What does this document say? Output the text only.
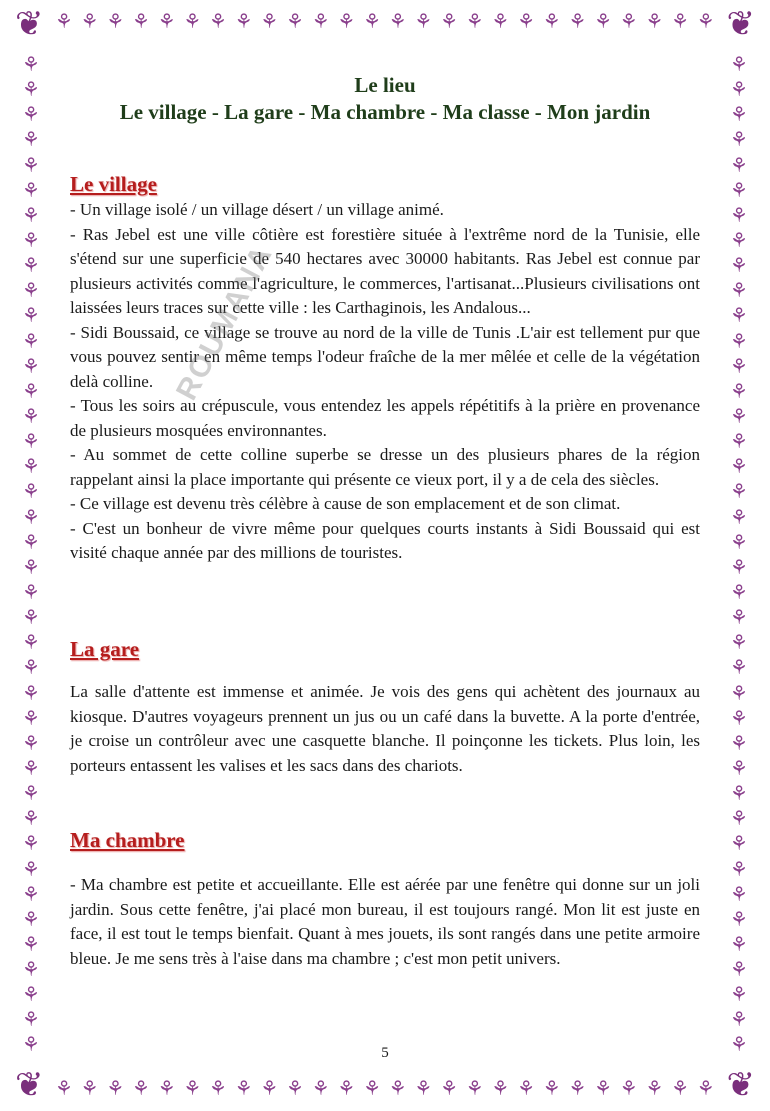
⚘ ⚘ ⚘ ⚘ ⚘ ⚘ ⚘ ⚘ ⚘ ⚘ ⚘ ⚘ ⚘ ⚘ ⚘ ⚘ ⚘ ⚘ ⚘ ⚘ ⚘ ⚘ ⚘ ⚘ ⚘ ⚘
⚘ ⚘ ⚘ ⚘ ⚘ ⚘ ⚘ ⚘ ⚘ ⚘ ⚘ ⚘ ⚘ ⚘ ⚘ ⚘ ⚘ ⚘ ⚘ ⚘ ⚘ ⚘ ⚘ ⚘ ⚘ ⚘
⚘
⚘
⚘
⚘
⚘
⚘
⚘
⚘
⚘
⚘
⚘
⚘
⚘
⚘
⚘
⚘
⚘
⚘
⚘
⚘
⚘
⚘
⚘
⚘
⚘
⚘
⚘
⚘
⚘
⚘
⚘
⚘
⚘
⚘
⚘
⚘
⚘
⚘
⚘
⚘
⚘
⚘
⚘
⚘
⚘
⚘
⚘
⚘
⚘
⚘
⚘
⚘
⚘
⚘
⚘
⚘
⚘
⚘
⚘
⚘
⚘
⚘
⚘
⚘
⚘
⚘
⚘
⚘
⚘
⚘
⚘
⚘
⚘
⚘
⚘
⚘
⚘
⚘
⚘
⚘
❦	❦
❦	❦
Le lieu
Le village - La gare - Ma chambre - Ma classe - Mon jardin
Le village

- Un village isolé / un village désert / un village animé.

- Ras Jebel est une ville côtière est forestière située à l'extrême nord de la Tunisie, elle s'étend sur une superficie de 540 hectares avec 30000 habitants. Ras Jebel est connue par plusieurs activités comme l'agriculture, le commerces, l'artisanat...Plusieurs civilisations ont laissées leurs traces sur cette ville : les Carthaginois, les Andalous...

- Sidi Boussaid, ce village se trouve au nord de la ville de Tunis .L'air est tellement pur que vous pouvez sentir en même temps l'odeur fraîche de la mer mêlée et celle de la végétation delà colline.

- Tous les soirs au crépuscule, vous entendez les appels répétitifs à la prière en provenance de plusieurs mosquées environnantes.

- Au sommet de cette colline superbe se dresse un des plusieurs phares de la région rappelant ainsi la place importante qui présente ce vieux port, il y a de cela des siècles.

- Ce village est devenu très célèbre à cause de son emplacement et de son climat.

- C'est un bonheur de vivre même pour quelques courts instants à Sidi Boussaid qui est visité chaque année par des millions de touristes.

La gare

La salle d'attente est immense et animée. Je vois des gens qui achètent des journaux au kiosque. D'autres voyageurs prennent un jus ou un café dans la buvette. A la porte d'entrée, je croise un contrôleur avec une casquette blanche. Il poinçonne les tickets. Plus loin, les porteurs entassent les valises et les sacs dans des chariots.

Ma chambre

- Ma chambre est petite et accueillante. Elle est aérée par une fenêtre qui donne sur un joli jardin. Sous cette fenêtre, j'ai placé mon bureau, il est toujours rangé. Mon lit est juste en face, il est tout le temps bienfait. Quant à mes jouets, ils sont rangés dans une petite armoire bleue. Je me sens très à l'aise dans ma chambre ; c'est mon petit univers.

ROUMANA
5
